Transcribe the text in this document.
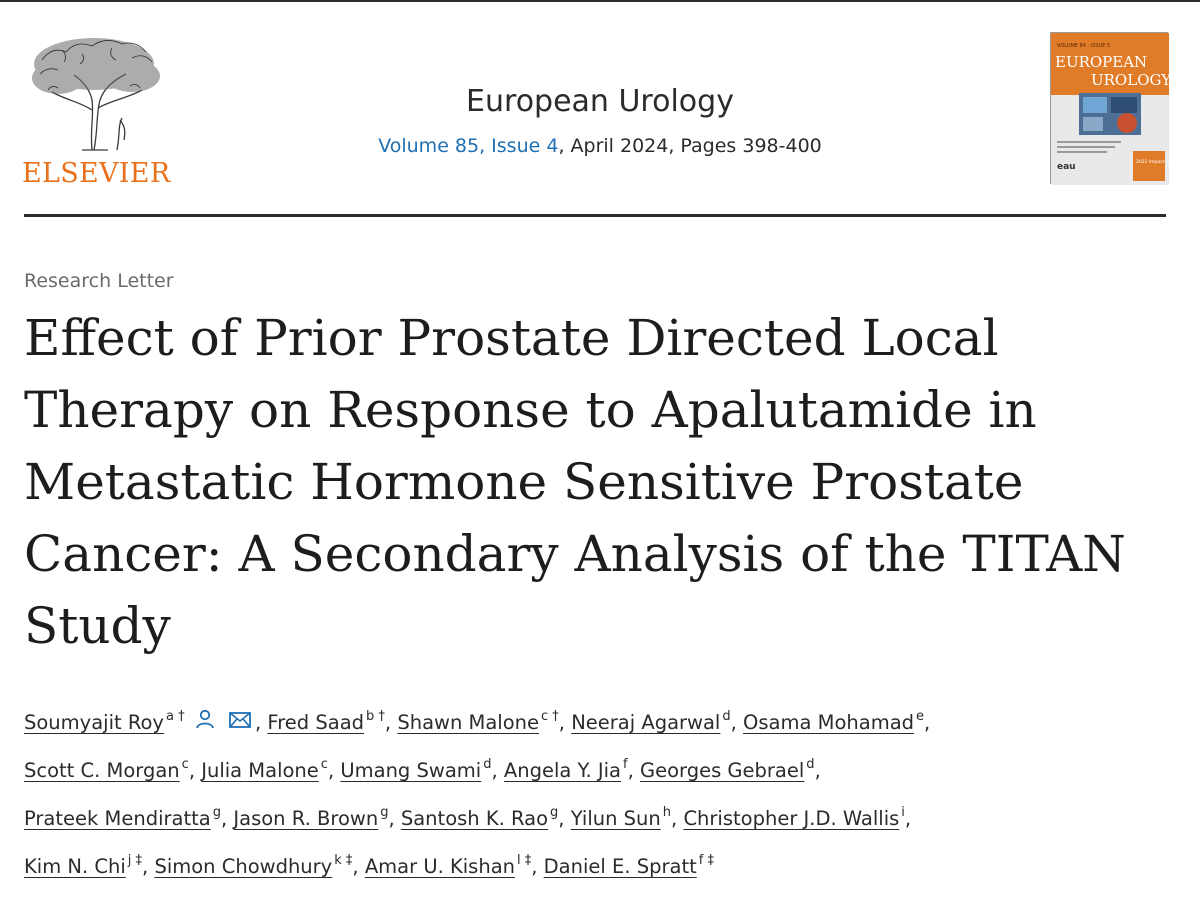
ELSEVIER
European Urology
Volume 85, Issue 4, April 2024, Pages 398-400
VOLUME 84 · ISSUE 5
EUROPEAN
UROLOGY
eau	2022 Impact Factor 23.4
Research Letter
Effect of Prior Prostate Directed Local
Therapy on Response to Apalutamide in
Metastatic Hormone Sensitive Prostate
Cancer: A Secondary Analysis of the TITAN
Study
Soumyajit Roy $^{a \dagger}$	, Fred Saad $^{b \dagger}$, Shawn Malone $^{c \dagger}$, Neeraj Agarwal $^d$, Osama Mohamad $^e$,
Scott C. Morgan $^c$, Julia Malone $^c$, Umang Swami $^d$, Angela Y. Jia $^f$, Georges Gebrael $^d$,
Prateek Mendiratta $^g$, Jason R. Brown $^g$, Santosh K. Rao $^g$, Yilun Sun $^h$, Christopher J.D. Wallis $^i$,
Kim N. Chi $^{j \ddagger}$, Simon Chowdhury $^{k \ddagger}$, Amar U. Kishan $^{l \ddagger}$, Daniel E. Spratt $^{f \ddagger}$
